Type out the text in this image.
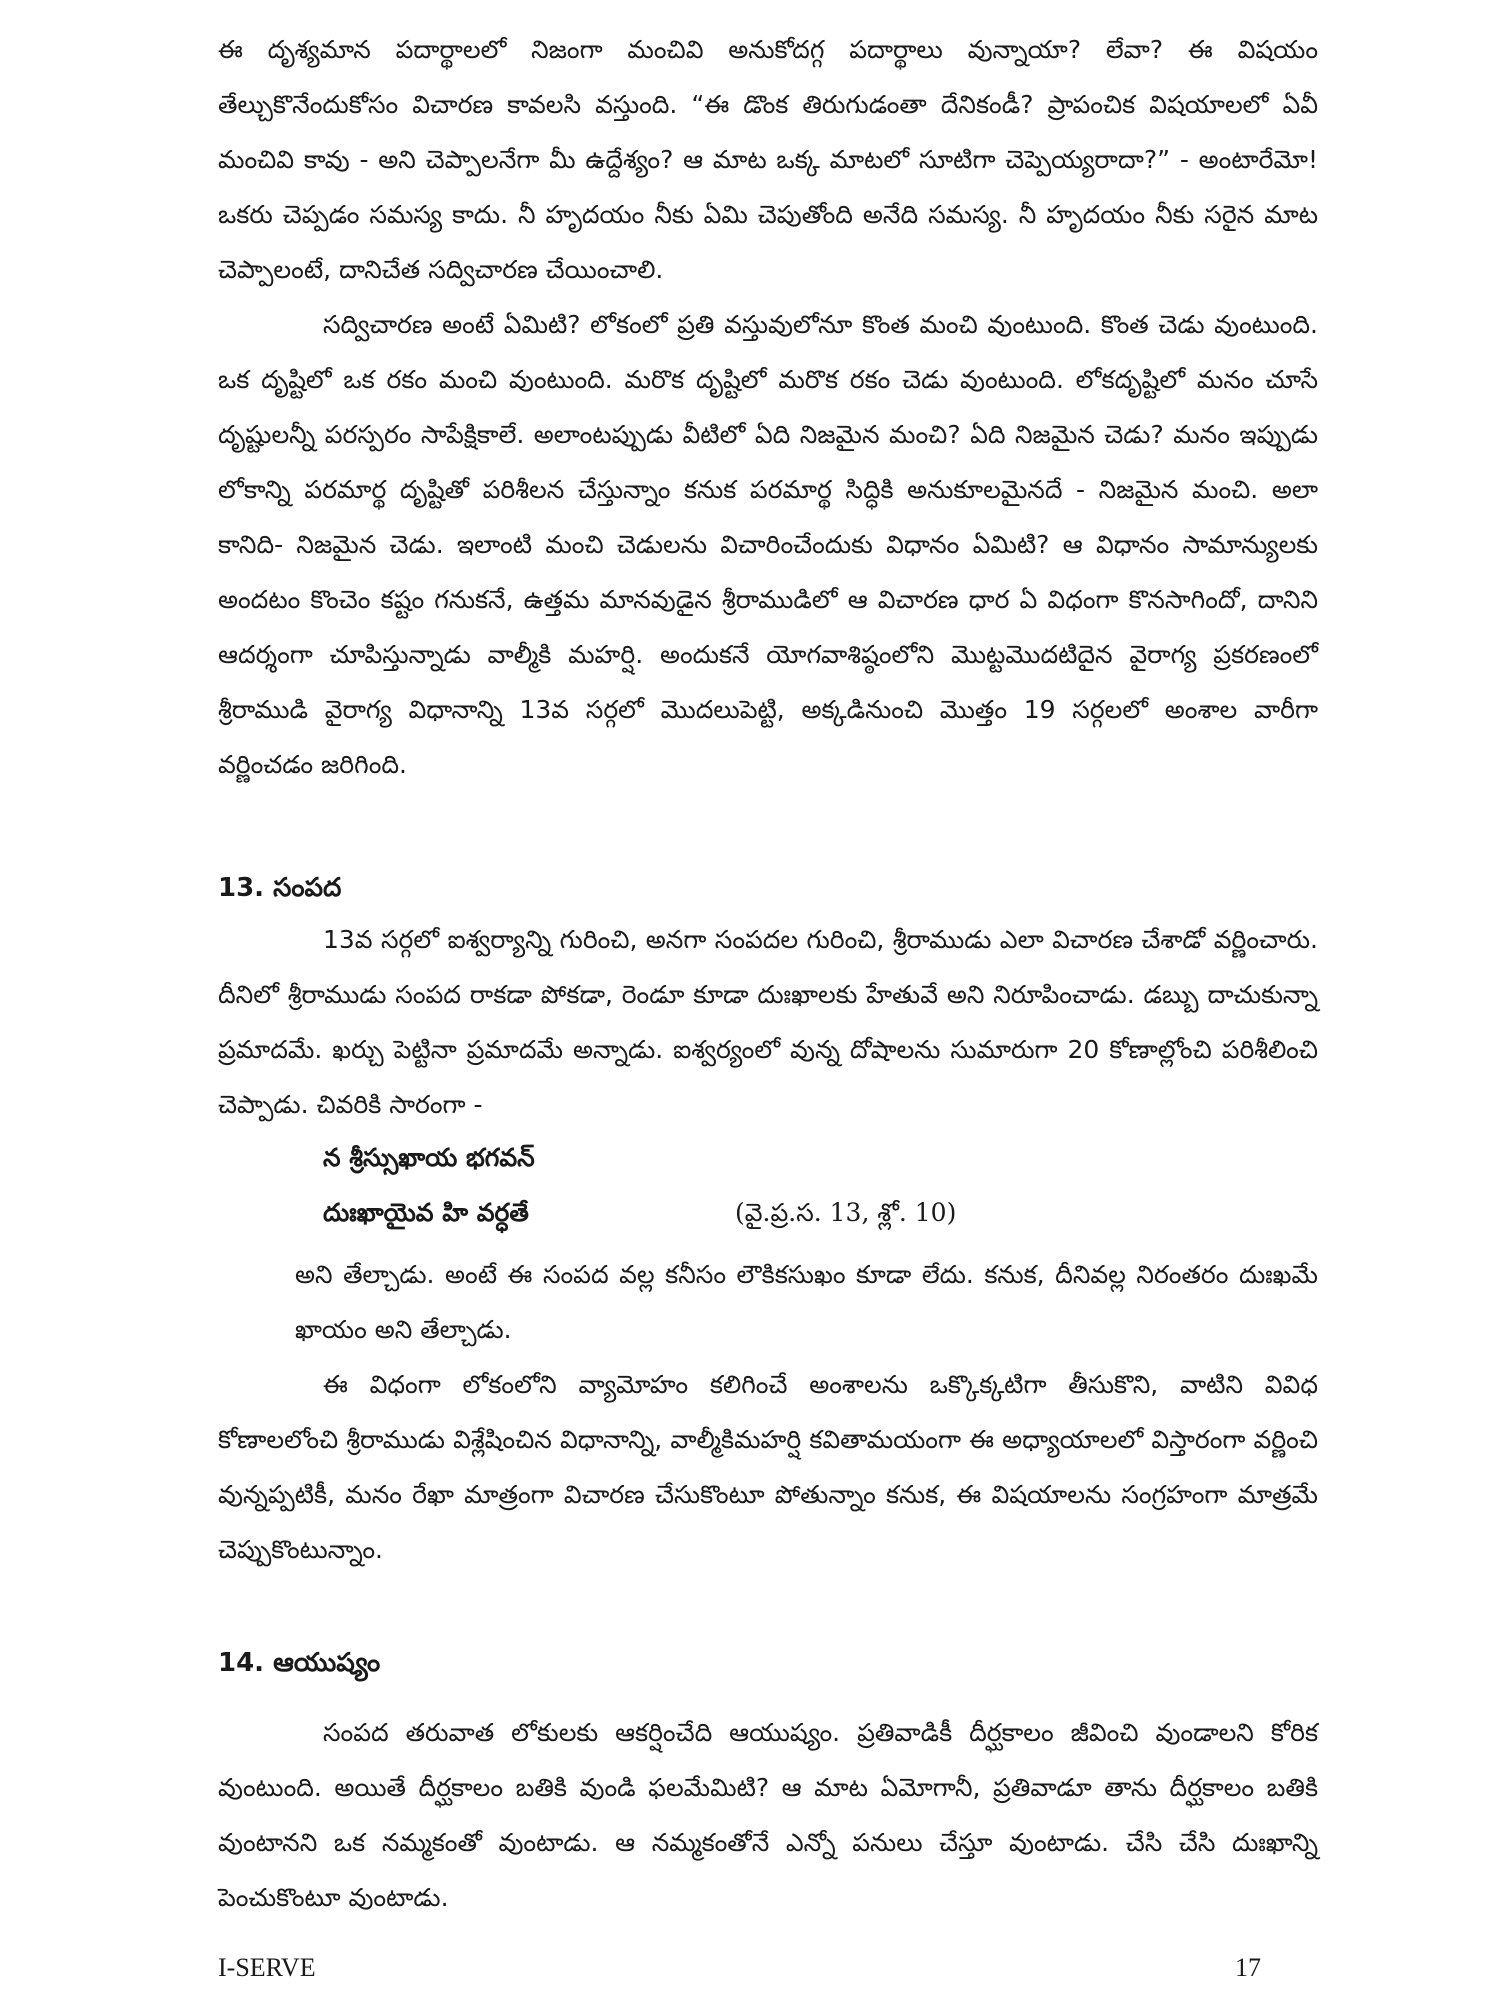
ఈ దృశ్యమాన పదార్థాలలో నిజంగా మంచివి అనుకోదగ్గ పదార్థాలు వున్నాయా? లేవా? ఈ విషయం తేల్చుకొనేందుకోసం విచారణ కావలసి వస్తుంది. “ఈ డొంక తిరుగుడంతా దేనికండీ? ప్రాపంచిక విషయాలలో ఏవీ మంచివి కావు - అని చెప్పాలనేగా మీ ఉద్దేశ్యం? ఆ మాట ఒక్క మాటలో సూటిగా చెప్పెయ్యరాదా?” - అంటారేమో! ఒకరు చెప్పడం సమస్య కాదు. నీ హృదయం నీకు ఏమి చెపుతోంది అనేది సమస్య. నీ హృదయం నీకు సరైన మాట చెప్పాలంటే, దానిచేత సద్విచారణ చేయించాలి.

సద్విచారణ అంటే ఏమిటి? లోకంలో ప్రతి వస్తువులోనూ కొంత మంచి వుంటుంది. కొంత చెడు వుంటుంది. ఒక దృష్టిలో ఒక రకం మంచి వుంటుంది. మరొక దృష్టిలో మరొక రకం చెడు వుంటుంది. లోకదృష్టిలో మనం చూసే దృష్టులన్నీ పరస్పరం సాపేక్షికాలే. అలాంటప్పుడు వీటిలో ఏది నిజమైన మంచి? ఏది నిజమైన చెడు? మనం ఇప్పుడు లోకాన్ని పరమార్థ దృష్టితో పరిశీలన చేస్తున్నాం కనుక పరమార్థ సిద్ధికి అనుకూలమైనదే - నిజమైన మంచి. అలా కానిది- నిజమైన చెడు. ఇలాంటి మంచి చెడులను విచారించేందుకు విధానం ఏమిటి? ఆ విధానం సామాన్యులకు అందటం కొంచెం కష్టం గనుకనే, ఉత్తమ మానవుడైన శ్రీరాముడిలో ఆ విచారణ ధార ఏ విధంగా కొనసాగిందో, దానిని ఆదర్శంగా చూపిస్తున్నాడు వాల్మీకి మహర్షి. అందుకనే యోగవాశిష్ఠంలోని మొట్టమొదటిదైన వైరాగ్య ప్రకరణంలో శ్రీరాముడి వైరాగ్య విధానాన్ని 13వ సర్గలో మొదలుపెట్టి, అక్కడినుంచి మొత్తం 19 సర్గలలో అంశాల వారీగా వర్ణించడం జరిగింది.

13. సంపద

13వ సర్గలో ఐశ్వర్యాన్ని గురించి, అనగా సంపదల గురించి, శ్రీరాముడు ఎలా విచారణ చేశాడో వర్ణించారు. దీనిలో శ్రీరాముడు సంపద రాకడా పోకడా, రెండూ కూడా దుఃఖాలకు హేతువే అని నిరూపించాడు. డబ్బు దాచుకున్నా ప్రమాదమే. ఖర్చు పెట్టినా ప్రమాదమే అన్నాడు. ఐశ్వర్యంలో వున్న దోషాలను సుమారుగా 20 కోణాల్లోంచి పరిశీలించి చెప్పాడు. చివరికి సారంగా -

న శ్రీస్సుఖాయ భగవన్

దుఃఖాయైవ హి వర్ధతే	(వై.ప్ర.స. 13, శ్లో. 10)

అని తేల్చాడు. అంటే ఈ సంపద వల్ల కనీసం లౌకికసుఖం కూడా లేదు. కనుక, దీనివల్ల నిరంతరం దుఃఖమే ఖాయం అని తేల్చాడు.

ఈ విధంగా లోకంలోని వ్యామోహం కలిగించే అంశాలను ఒక్కొక్కటిగా తీసుకొని, వాటిని వివిధ కోణాలలోంచి శ్రీరాముడు విశ్లేషించిన విధానాన్ని, వాల్మీకిమహర్షి కవితామయంగా ఈ అధ్యాయాలలో విస్తారంగా వర్ణించి వున్నప్పటికీ, మనం రేఖా మాత్రంగా విచారణ చేసుకొంటూ పోతున్నాం కనుక, ఈ విషయాలను సంగ్రహంగా మాత్రమే చెప్పుకొంటున్నాం.

14. ఆయుష్యం

సంపద తరువాత లోకులకు ఆకర్షించేది ఆయుష్యం. ప్రతివాడికీ దీర్ఘకాలం జీవించి వుండాలని కోరిక వుంటుంది. అయితే దీర్ఘకాలం బతికి వుండి ఫలమేమిటి? ఆ మాట ఏమోగానీ, ప్రతివాడూ తాను దీర్ఘకాలం బతికి వుంటానని ఒక నమ్మకంతో వుంటాడు. ఆ నమ్మకంతోనే ఎన్నో పనులు చేస్తూ వుంటాడు. చేసి చేసి దుఃఖాన్ని పెంచుకొంటూ వుంటాడు.

I-SERVE	17
